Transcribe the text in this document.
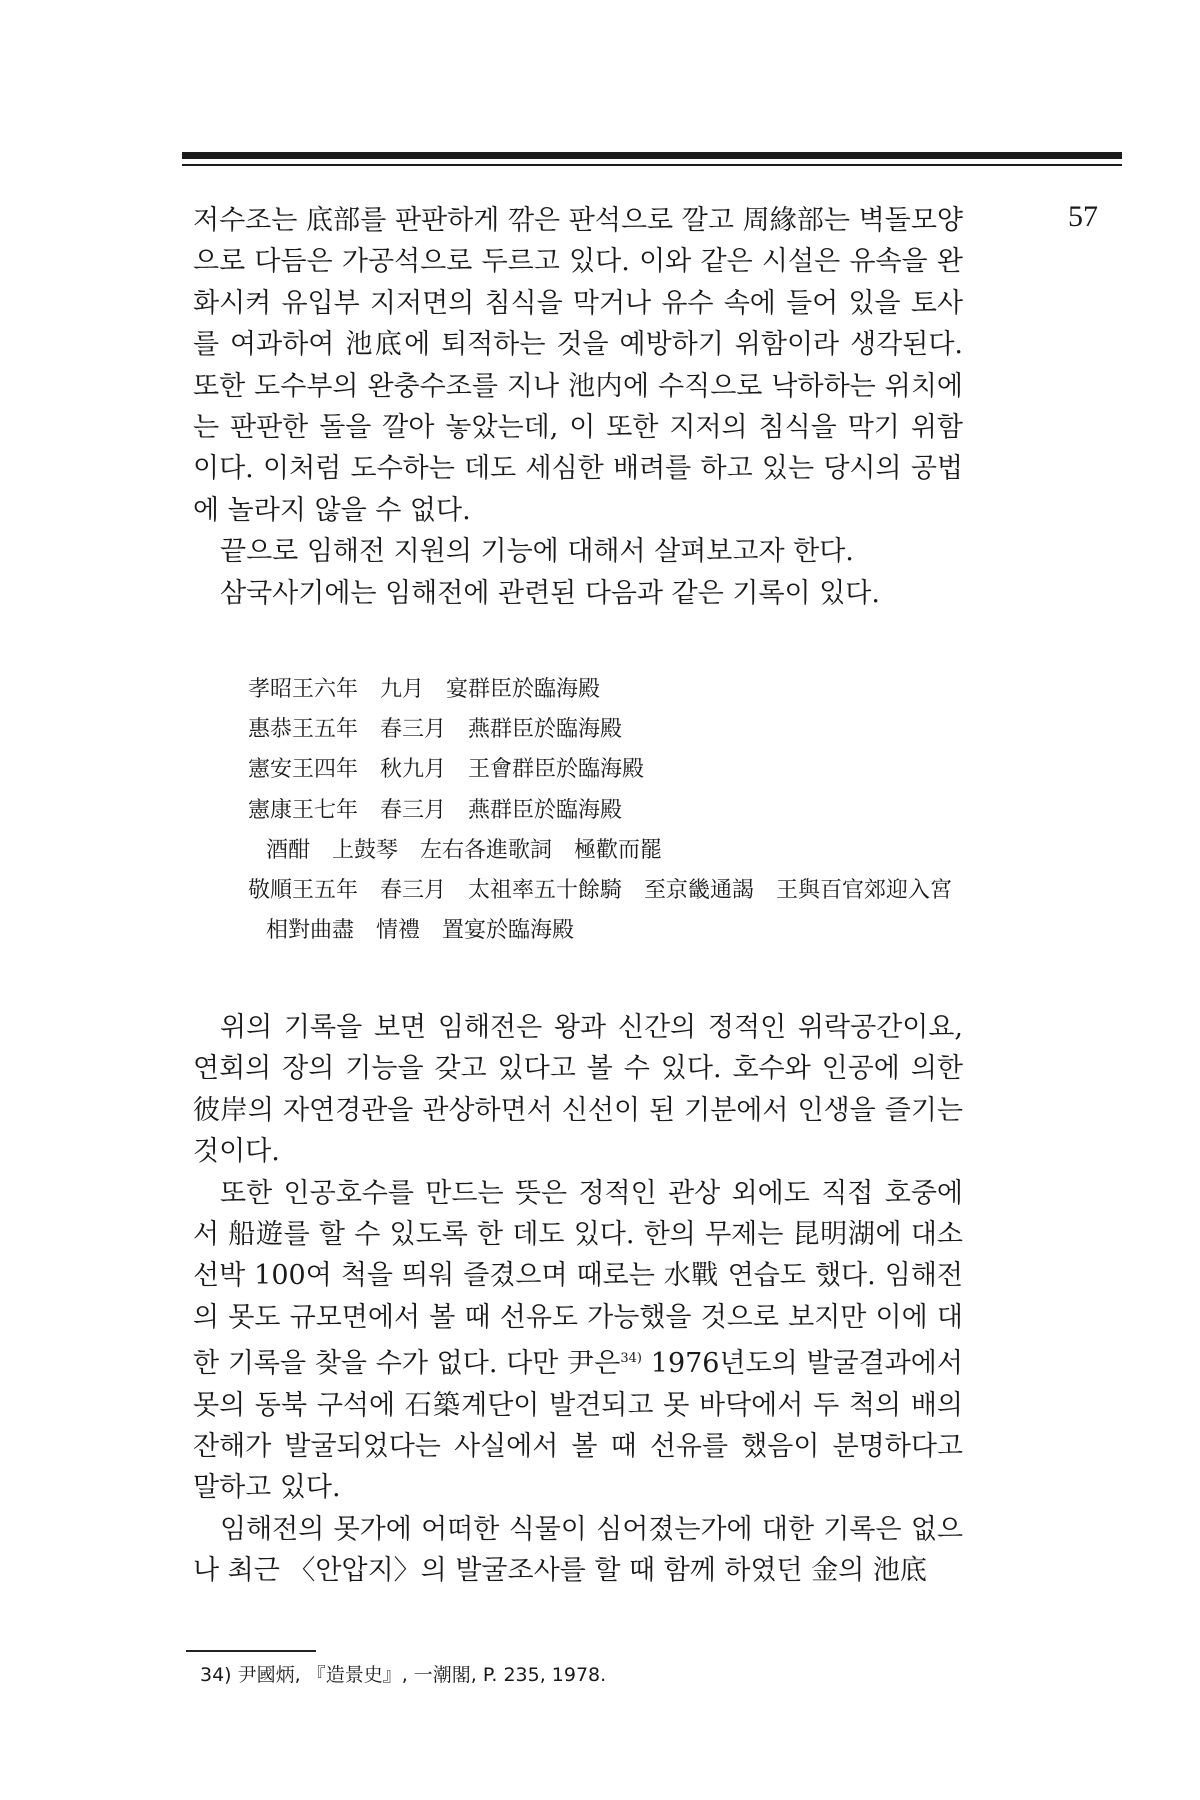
57

저수조는 底部를 판판하게 깎은 판석으로 깔고 周緣部는 벽돌모양으로 다듬은 가공석으로 두르고 있다. 이와 같은 시설은 유속을 완화시켜 유입부 지저면의 침식을 막거나 유수 속에 들어 있을 토사를 여과하여 池底에 퇴적하는 것을 예방하기 위함이라 생각된다. 또한 도수부의 완충수조를 지나 池内에 수직으로 낙하하는 위치에는 판판한 돌을 깔아 놓았는데, 이 또한 지저의 침식을 막기 위함이다. 이처럼 도수하는 데도 세심한 배려를 하고 있는 당시의 공법에 놀라지 않을 수 없다.

끝으로 임해전 지원의 기능에 대해서 살펴보고자 한다.

삼국사기에는 임해전에 관련된 다음과 같은 기록이 있다.

孝昭王六年　九月　宴群臣於臨海殿
惠恭王五年　春三月　燕群臣於臨海殿
憲安王四年　秋九月　王會群臣於臨海殿
憲康王七年　春三月　燕群臣於臨海殿
酒酣　上鼓琴　左右各進歌詞　極歡而罷
敬順王五年　春三月　太祖率五十餘騎　至京畿通謁　王與百官郊迎入宮
相對曲盡　情禮　置宴於臨海殿

위의 기록을 보면 임해전은 왕과 신간의 정적인 위락공간이요, 연회의 장의 기능을 갖고 있다고 볼 수 있다. 호수와 인공에 의한 彼岸의 자연경관을 관상하면서 신선이 된 기분에서 인생을 즐기는 것이다.

또한 인공호수를 만드는 뜻은 정적인 관상 외에도 직접 호중에서 船遊를 할 수 있도록 한 데도 있다. 한의 무제는 昆明湖에 대소 선박 100여 척을 띄워 즐겼으며 때로는 水戰 연습도 했다. 임해전의 못도 규모면에서 볼 때 선유도 가능했을 것으로 보지만 이에 대한 기록을 찾을 수가 없다. 다만 尹은$^{34)}$ 1976년도의 발굴결과에서 못의 동북 구석에 石築계단이 발견되고 못 바닥에서 두 척의 배의 잔해가 발굴되었다는 사실에서 볼 때 선유를 했음이 분명하다고 말하고 있다.

임해전의 못가에 어떠한 식물이 심어졌는가에 대한 기록은 없으나 최근 〈안압지〉의 발굴조사를 할 때 함께 하였던 金의 池底

34) 尹國炳, 『造景史』, 一潮閣, P. 235, 1978.
